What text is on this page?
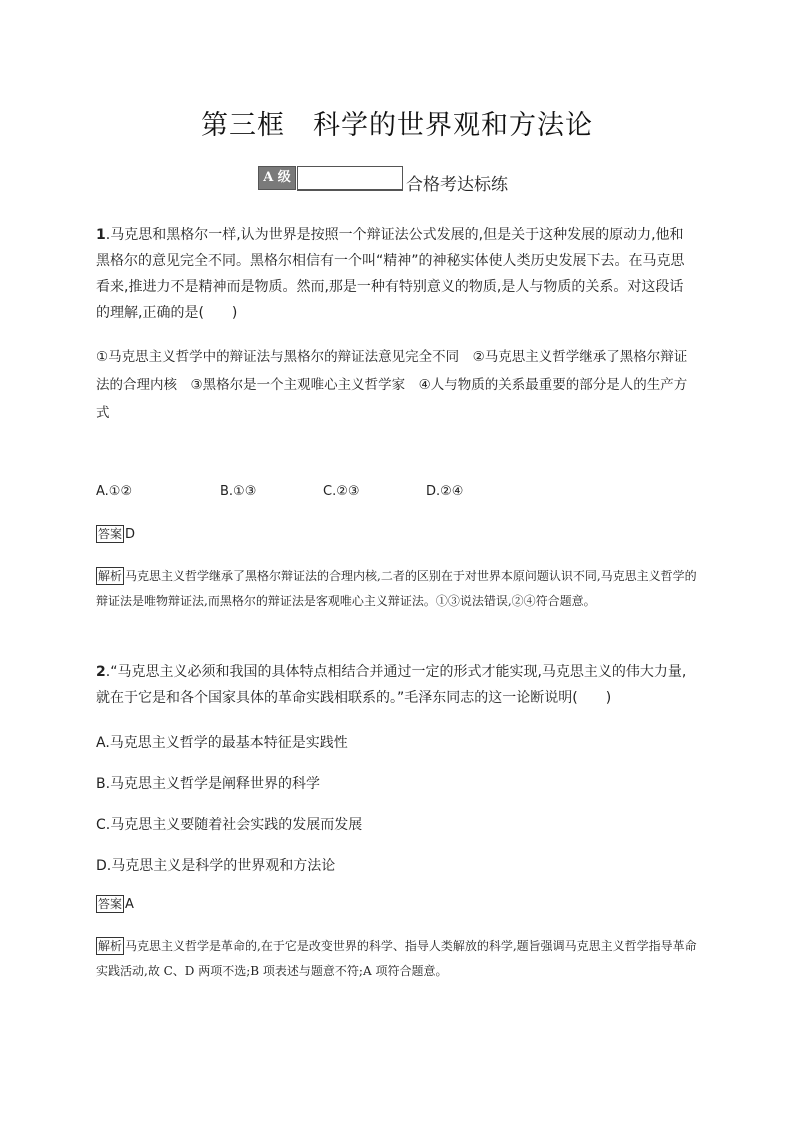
第三框　科学的世界观和方法论
A 级	合格考达标练
1.马克思和黑格尔一样,认为世界是按照一个辩证法公式发展的,但是关于这种发展的原动力,他和黑格尔的意见完全不同。黑格尔相信有一个叫“精神”的神秘实体使人类历史发展下去。在马克思看来,推进力不是精神而是物质。然而,那是一种有特别意义的物质,是人与物质的关系。对这段话的理解,正确的是(　　)
①马克思主义哲学中的辩证法与黑格尔的辩证法意见完全不同　②马克思主义哲学继承了黑格尔辩证法的合理内核　③黑格尔是一个主观唯心主义哲学家　④人与物质的关系最重要的部分是人的生产方式
A.①②	B.①③	C.②③	D.②④
答案 D
解析 马克思主义哲学继承了黑格尔辩证法的合理内核,二者的区别在于对世界本原问题认识不同,马克思主义哲学的辩证法是唯物辩证法,而黑格尔的辩证法是客观唯心主义辩证法。①③说法错误,②④符合题意。
2.“马克思主义必须和我国的具体特点相结合并通过一定的形式才能实现,马克思主义的伟大力量,就在于它是和各个国家具体的革命实践相联系的。”毛泽东同志的这一论断说明(　　)
A.马克思主义哲学的最基本特征是实践性
B.马克思主义哲学是阐释世界的科学
C.马克思主义要随着社会实践的发展而发展
D.马克思主义是科学的世界观和方法论
答案 A
解析 马克思主义哲学是革命的,在于它是改变世界的科学、指导人类解放的科学,题旨强调马克思主义哲学指导革命实践活动,故 C、D 两项不选;B 项表述与题意不符;A 项符合题意。
